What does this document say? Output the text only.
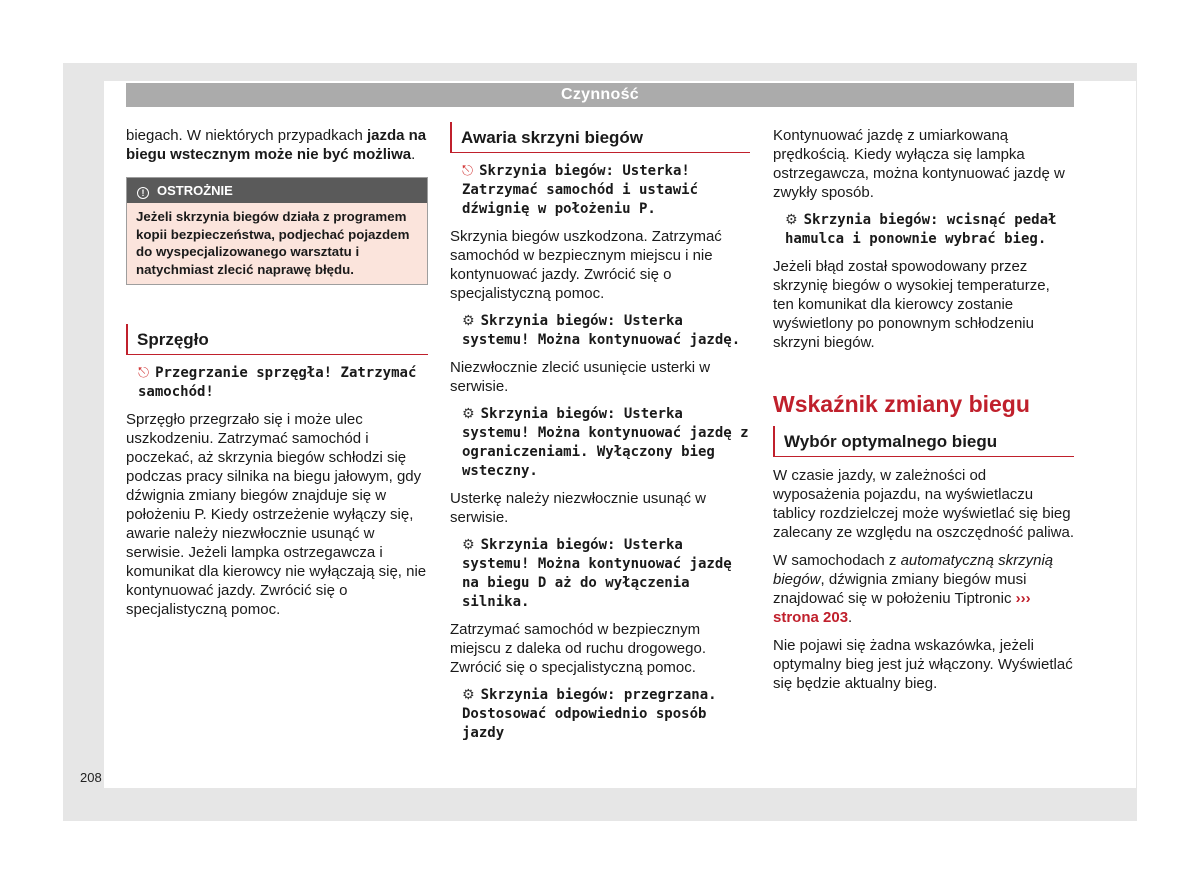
Czynność

biegach. W niektórych przypadkach jazda na biegu wstecznym może nie być możliwa.

! OSTROŻNIE
Jeżeli skrzynia biegów działa z programem kopii bezpieczeństwa, podjechać pojazdem do wyspecjalizowanego warsztatu i natychmiast zlecić naprawę błędu.
Sprzęgło
⎋ Przegrzanie sprzęgła! Zatrzymać samochód!

Sprzęgło przegrzało się i może ulec uszkodzeniu. Zatrzymać samochód i poczekać, aż skrzynia biegów schłodzi się podczas pracy silnika na biegu jałowym, gdy dźwignia zmiany biegów znajduje się w położeniu P. Kiedy ostrzeżenie wyłączy się, awarie należy niezwłocznie usunąć w serwisie. Jeżeli lampka ostrzegawcza i komunikat dla kierowcy nie wyłączają się, nie kontynuować jazdy. Zwrócić się o specjalistyczną pomoc.

Awaria skrzyni biegów
⎋ Skrzynia biegów: Usterka! Zatrzymać samochód i ustawić dźwignię w położeniu P.

Skrzynia biegów uszkodzona. Zatrzymać samochód w bezpiecznym miejscu i nie kontynuować jazdy. Zwrócić się o specjalistyczną pomoc.

⚙ Skrzynia biegów: Usterka systemu! Można kontynuować jazdę.

Niezwłocznie zlecić usunięcie usterki w serwisie.

⚙ Skrzynia biegów: Usterka systemu! Można kontynuować jazdę z ograniczeniami. Wyłączony bieg wsteczny.

Usterkę należy niezwłocznie usunąć w serwisie.

⚙ Skrzynia biegów: Usterka systemu! Można kontynuować jazdę na biegu D aż do wyłączenia silnika.

Zatrzymać samochód w bezpiecznym miejscu z daleka od ruchu drogowego. Zwrócić się o specjalistyczną pomoc.

⚙ Skrzynia biegów: przegrzana. Dostosować odpowiednio sposób jazdy

Kontynuować jazdę z umiarkowaną prędkością. Kiedy wyłącza się lampka ostrzegawcza, można kontynuować jazdę w zwykły sposób.

⚙ Skrzynia biegów: wcisnąć pedał hamulca i ponownie wybrać bieg.

Jeżeli błąd został spowodowany przez skrzynię biegów o wysokiej temperaturze, ten komunikat dla kierowcy zostanie wyświetlony po ponownym schłodzeniu skrzyni biegów.

Wskaźnik zmiany biegu
Wybór optymalnego biegu

W czasie jazdy, w zależności od wyposażenia pojazdu, na wyświetlaczu tablicy rozdzielczej może wyświetlać się bieg zalecany ze względu na oszczędność paliwa.

W samochodach z automatyczną skrzynią biegów, dźwignia zmiany biegów musi znajdować się w położeniu Tiptronic ››› strona 203.

Nie pojawi się żadna wskazówka, jeżeli optymalny bieg jest już włączony. Wyświetlać się będzie aktualny bieg.

208
